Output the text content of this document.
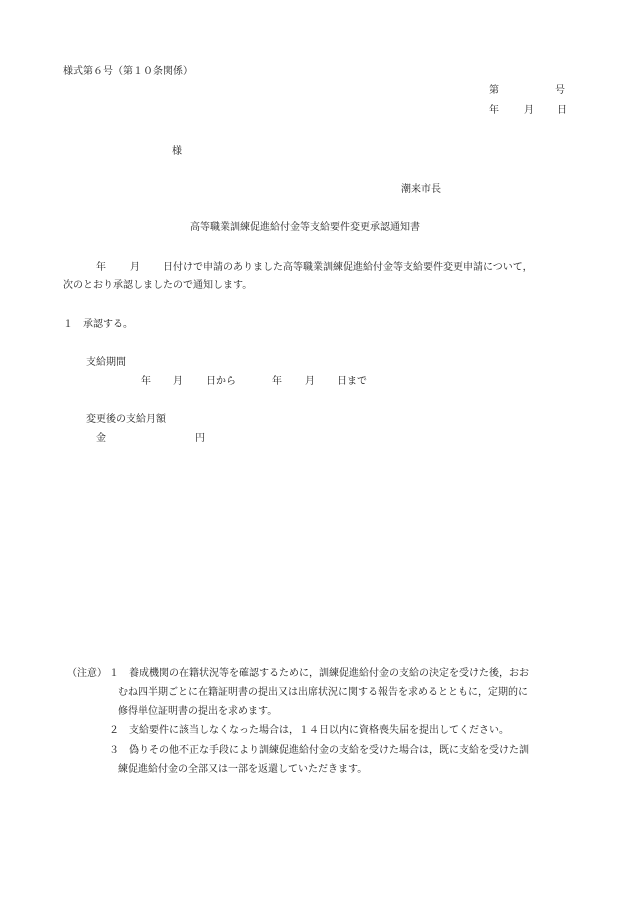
様式第６号（第１０条関係）
第	号
年	月 日
様
潮来市長
高等職業訓練促進給付金等支給要件変更承認通知書
年 月 日付けで申請のありました高等職業訓練促進給付金等支給要件変更申請について，
次のとおり承認しましたので通知します。
１　承認する。
支給期間
年 月 日から	年 月 日まで
変更後の支給月額
金	円
（注意） １ 養成機関の在籍状況等を確認するために，訓練促進給付金の支給の決定を受けた後，おお
むね四半期ごとに在籍証明書の提出又は出席状況に関する報告を求めるとともに，定期的に
修得単位証明書の提出を求めます。
２ 支給要件に該当しなくなった場合は，１４日以内に資格喪失届を提出してください。
３ 偽りその他不正な手段により訓練促進給付金の支給を受けた場合は，既に支給を受けた訓
練促進給付金の全部又は一部を返還していただきます。
